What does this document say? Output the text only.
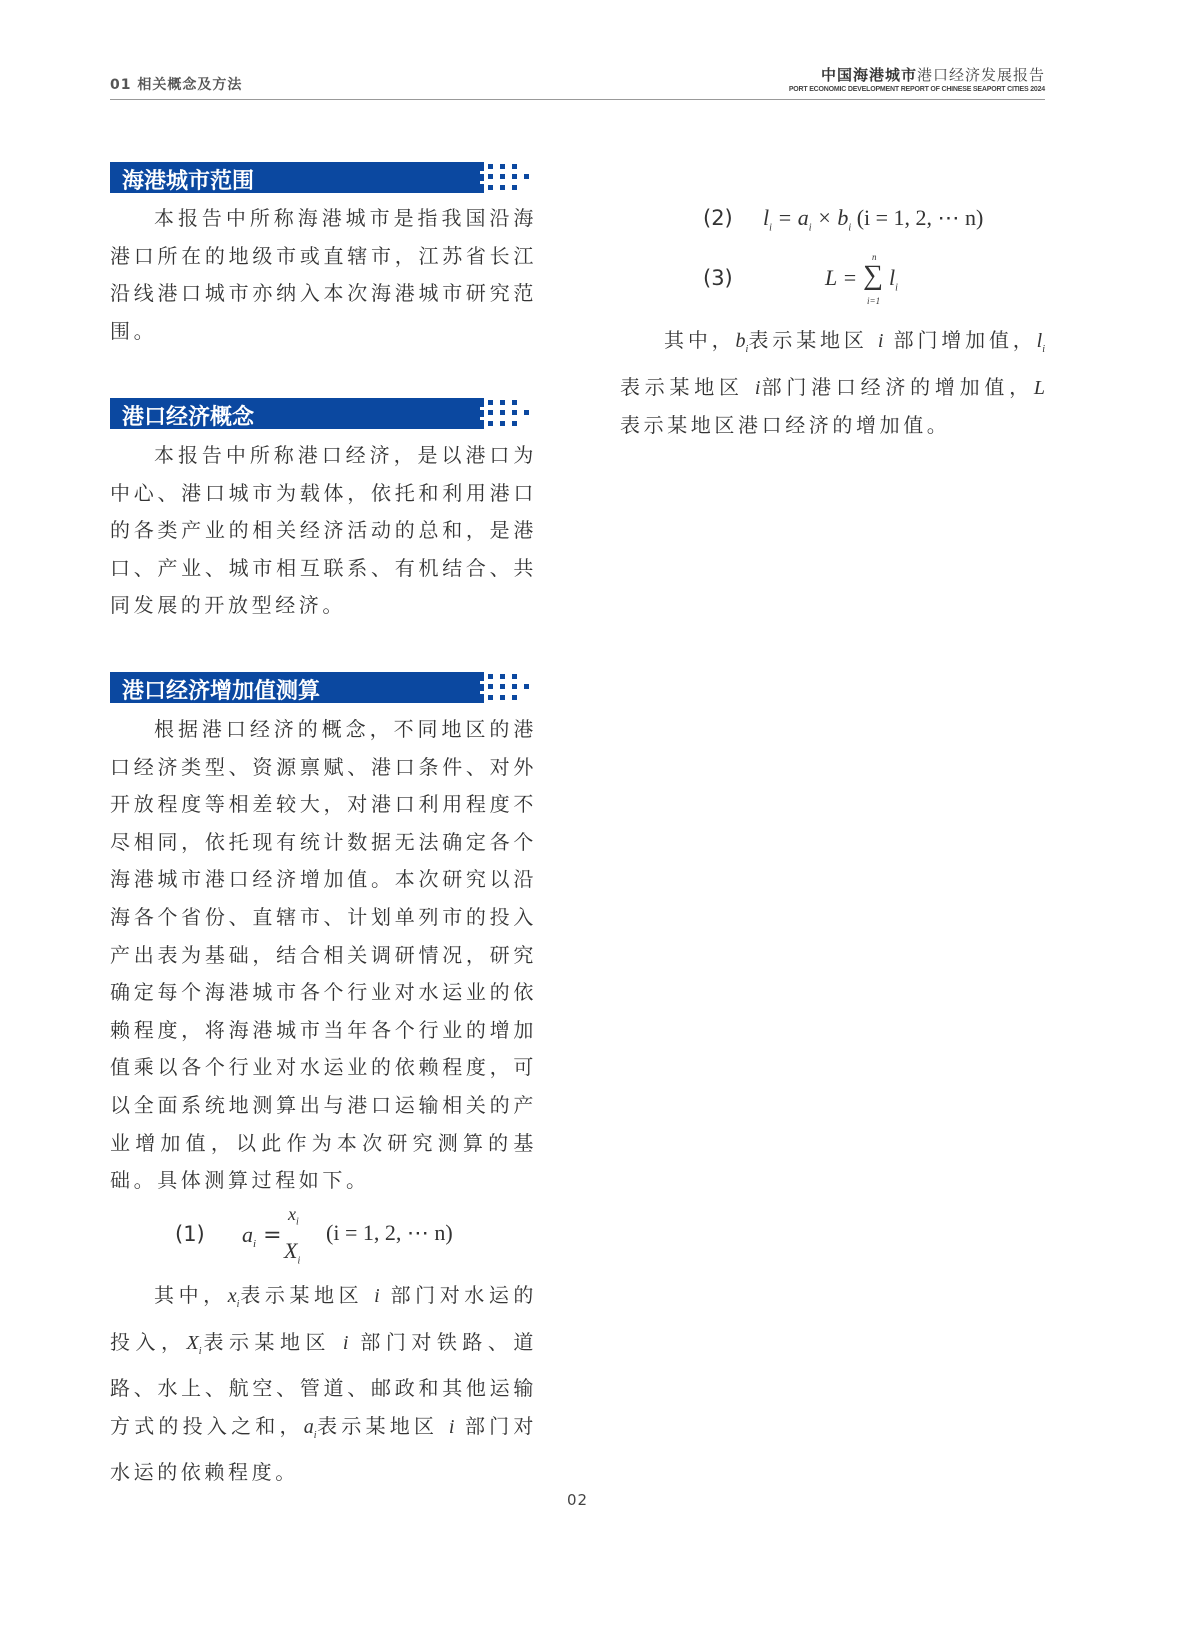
01 相关概念及方法
中国海港城市港口经济发展报告
PORT ECONOMIC DEVELOPMENT REPORT OF CHINESE SEAPORT CITIES 2024
海港城市范围
本报告中所称海港城市是指我国沿海港口所在的地级市或直辖市，江苏省长江沿线港口城市亦纳入本次海港城市研究范围。
港口经济概念
本报告中所称港口经济，是以港口为中心、港口城市为载体，依托和利用港口的各类产业的相关经济活动的总和，是港口、产业、城市相互联系、有机结合、共同发展的开放型经济。
港口经济增加值测算
根据港口经济的概念，不同地区的港口经济类型、资源禀赋、港口条件、对外开放程度等相差较大，对港口利用程度不尽相同，依托现有统计数据无法确定各个海港城市港口经济增加值。本次研究以沿海各个省份、直辖市、计划单列市的投入产出表为基础，结合相关调研情况，研究确定每个海港城市各个行业对水运业的依赖程度，将海港城市当年各个行业的增加值乘以各个行业对水运业的依赖程度，可以全面系统地测算出与港口运输相关的产业增加值，以此作为本次研究测算的基础。具体测算过程如下。
(1) $a_i$ =
$x_i$
$X_i$
(i = 1, 2, ⋯ n)
其中，$x_i$表示某地区 i 部门对水运的投入，$X_i$表示某地区 i 部门对铁路、道路、水上、航空、管道、邮政和其他运输方式的投入之和，$a_i$表示某地区 i 部门对水运的依赖程度。
(2) $l_i = a_i \times b_i$ (i = 1, 2, ⋯ n)
(3)	L =
n
∑
i=1
$l_i$
其中，$b_i$表示某地区 i 部门增加值，$l_i$表示某地区 i部门港口经济的增加值，L表示某地区港口经济的增加值。
02
